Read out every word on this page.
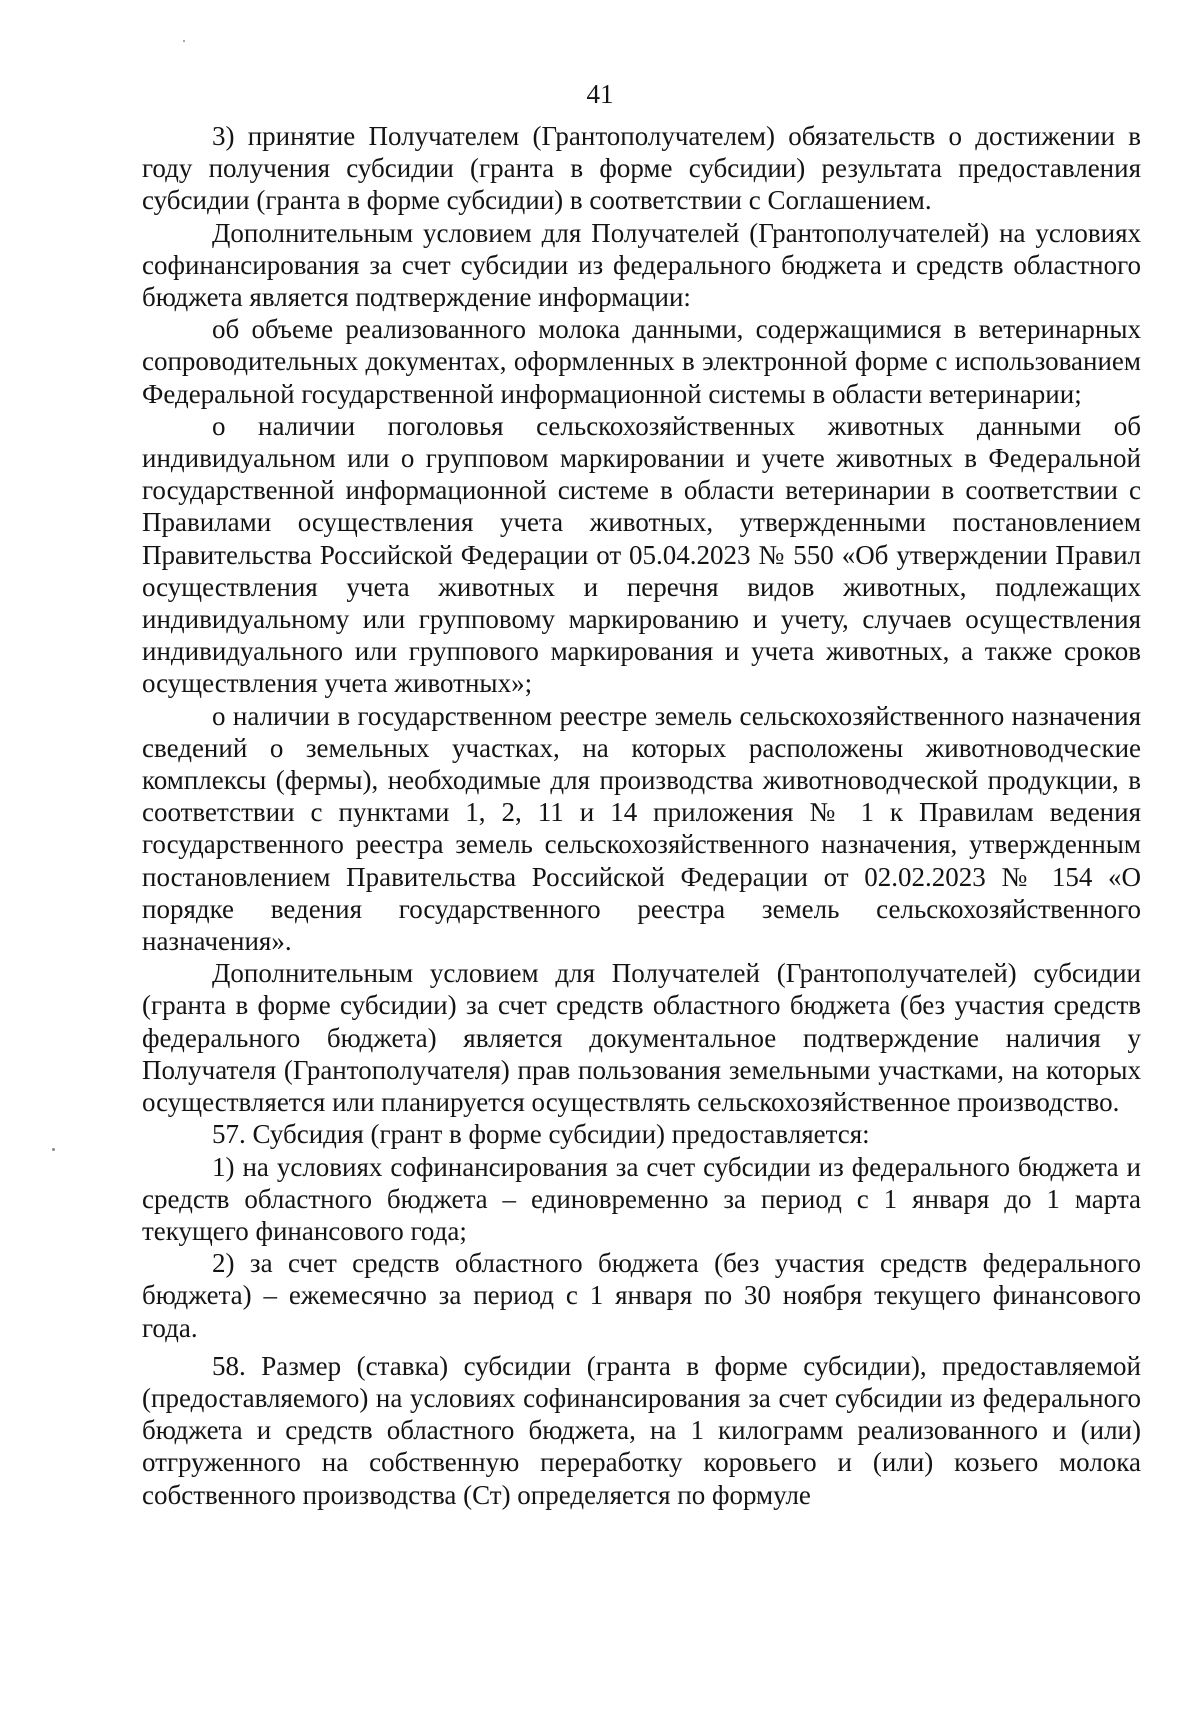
41

3) принятие Получателем (Грантополучателем) обязательств о достижении в году получения субсидии (гранта в форме субсидии) результата предоставления субсидии (гранта в форме субсидии) в соответствии с Соглашением.

Дополнительным условием для Получателей (Грантополучателей) на условиях софинансирования за счет субсидии из федерального бюджета и средств областного бюджета является подтверждение информации:

об объеме реализованного молока данными, содержащимися в ветеринарных сопроводительных документах, оформленных в электронной форме с использованием Федеральной государственной информационной системы в области ветеринарии;

о наличии поголовья сельскохозяйственных животных данными об индивидуальном или о групповом маркировании и учете животных в Федеральной государственной информационной системе в области ветеринарии в соответствии с Правилами осуществления учета животных, утвержденными постановлением Правительства Российской Федерации от 05.04.2023 № 550 «Об утверждении Правил осуществления учета животных и перечня видов животных, подлежащих индивидуальному или групповому маркированию и учету, случаев осуществления индивидуального или группового маркирования и учета животных, а также сроков осуществления учета животных»;

о наличии в государственном реестре земель сельскохозяйственного назначения сведений о земельных участках, на которых расположены животноводческие комплексы (фермы), необходимые для производства животноводческой продукции, в соответствии с пунктами 1, 2, 11 и 14 приложения № 1 к Правилам ведения государственного реестра земель сельскохозяйственного назначения, утвержденным постановлением Правительства Российской Федерации от 02.02.2023 № 154 «О порядке ведения государственного реестра земель сельскохозяйственного назначения».

Дополнительным условием для Получателей (Грантополучателей) субсидии (гранта в форме субсидии) за счет средств областного бюджета (без участия средств федерального бюджета) является документальное подтверждение наличия у Получателя (Грантополучателя) прав пользования земельными участками, на которых осуществляется или планируется осуществлять сельскохозяйственное производство.

57. Субсидия (грант в форме субсидии) предоставляется:

1) на условиях софинансирования за счет субсидии из федерального бюджета и средств областного бюджета – единовременно за период с 1 января до 1 марта текущего финансового года;

2) за счет средств областного бюджета (без участия средств федерального бюджета) – ежемесячно за период с 1 января по 30 ноября текущего финансового года.

58. Размер (ставка) субсидии (гранта в форме субсидии), предоставляемой (предоставляемого) на условиях софинансирования за счет субсидии из федерального бюджета и средств областного бюджета, на 1 килограмм реализованного и (или) отгруженного на собственную переработку коровьего и (или) козьего молока собственного производства (Ст) определяется по формуле
